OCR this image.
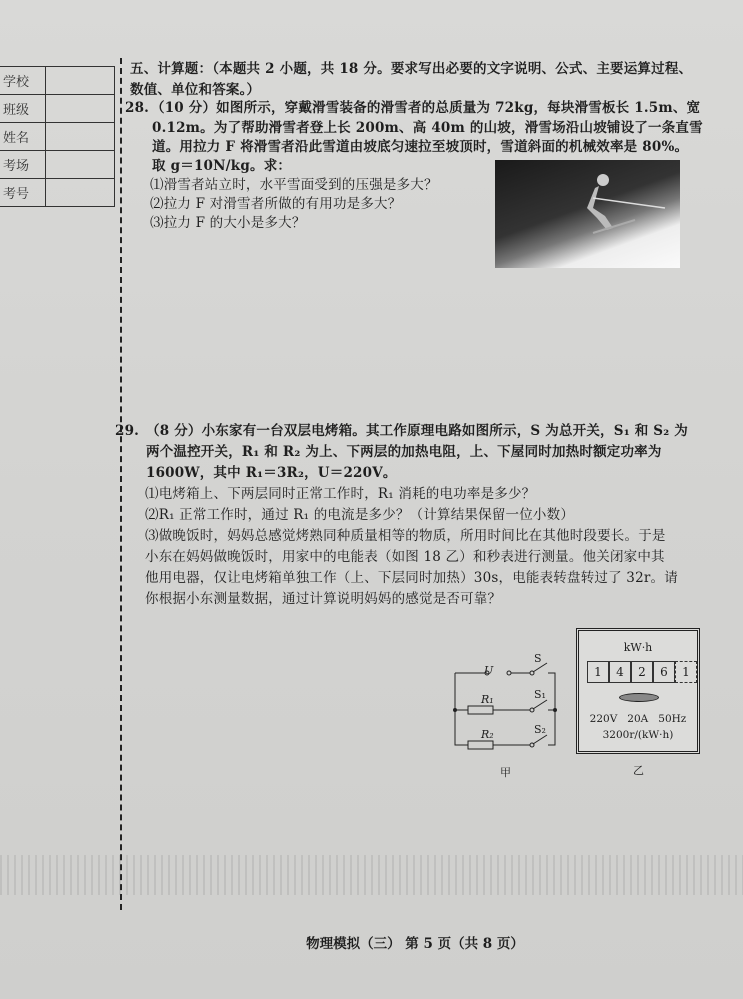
学校	
班级	
姓名	
考场	
考号	
五、计算题：（本题共 2 小题，共 18 分。要求写出必要的文字说明、公式、主要运算过程、
数值、单位和答案。）
28. （10 分）如图所示，穿戴滑雪装备的滑雪者的总质量为 72kg，每块滑雪板长 1.5m、宽
0.12m。为了帮助滑雪者登上长 200m、高 40m 的山坡，滑雪场沿山坡铺设了一条直雪
道。用拉力 F 将滑雪者沿此雪道由坡底匀速拉至坡顶时，雪道斜面的机械效率是 80%。
取 g＝10N/kg。求：
⑴滑雪者站立时，水平雪面受到的压强是多大？
⑵拉力 F 对滑雪者所做的有用功是多大？
⑶拉力 F 的大小是多大？
29. （8 分）小东家有一台双层电烤箱。其工作原理电路如图所示，S 为总开关，S₁ 和 S₂ 为
两个温控开关，R₁ 和 R₂ 为上、下两层的加热电阻，上、下屋同时加热时额定功率为
1600W，其中 R₁＝3R₂，U＝220V。
⑴电烤箱上、下两层同时正常工作时，R₁ 消耗的电功率是多少？
⑵R₁ 正常工作时，通过 R₁ 的电流是多少？（计算结果保留一位小数）
⑶做晚饭时，妈妈总感觉烤熟同种质量相等的物质，所用时间比在其他时段要长。于是
小东在妈妈做晚饭时，用家中的电能表（如图 18 乙）和秒表进行测量。他关闭家中其
他用电器，仅让电烤箱单独工作（上、下层同时加热）30s，电能表转盘转过了 32r。请
你根据小东测量数据，通过计算说明妈妈的感觉是否可靠？
U
S
S₁
S₂
R₁
R₂
甲
kW·h
1	4	2	6	1
220V   20A   50Hz
3200r/(kW·h)
乙
物理模拟（三） 第 5 页（共 8 页）
